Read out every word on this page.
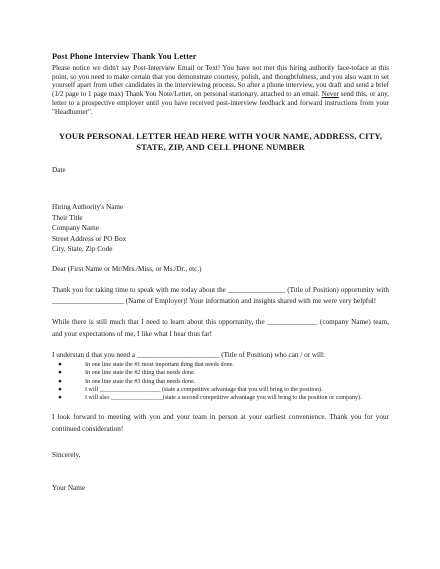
Post Phone Interview Thank You Letter

Please notice we didn't say Post-Interview Email or Text! You have not met this hiring authority face-toface at this point, so you need to make certain that you demonstrate courtesy, polish, and thoughtfulness, and you also want to set yourself apart from other candidates in the interviewing process. So after a phone interview, you draft and send a brief (1/2 page to 1 page max) Thank You Note/Letter, on personal stationary, attached to an email. Never send this, or any, letter to a prospective employer until you have received post-interview feedback and forward instructions from your "Headhunter".

YOUR PERSONAL LETTER HEAD HERE WITH YOUR NAME, ADDRESS, CITY,
STATE, ZIP, AND CELL PHONE NUMBER

Date

Hiring Authority's Name
Their Title
Company Name
Street Address or PO Box
City, State, Zip Code

Dear (First Name or Mr/Mrs./Miss, or Ms./Dr., etc.)

Thank you for taking time to speak with me today about the ________________ (Title of Position) opportunity with ____________________ (Name of Employer)! Your information and insights shared with me were very helpful!

While there is still much that I need to learn about this opportunity, the ______________ (company Name) team, and your expectations of me, I like what I hear thus far!

I understan d that you need a _______________________ (Title of Position) who can / or will:

●	In one line state the #1 most important thing that needs done.
●	In one line state the #2 thing that needs done.
●	In one line state the #3 thing that needs done.
●	I will ____________________ (state a competitive advantage that you will bring to the position).
●	I will also _________________(state a second competitive advantage you will bring to the position or company).

I look forward to meeting with you and your team in person at your earliest convenience. Thank you for your continued consideration!

Sincerely,

Your Name
